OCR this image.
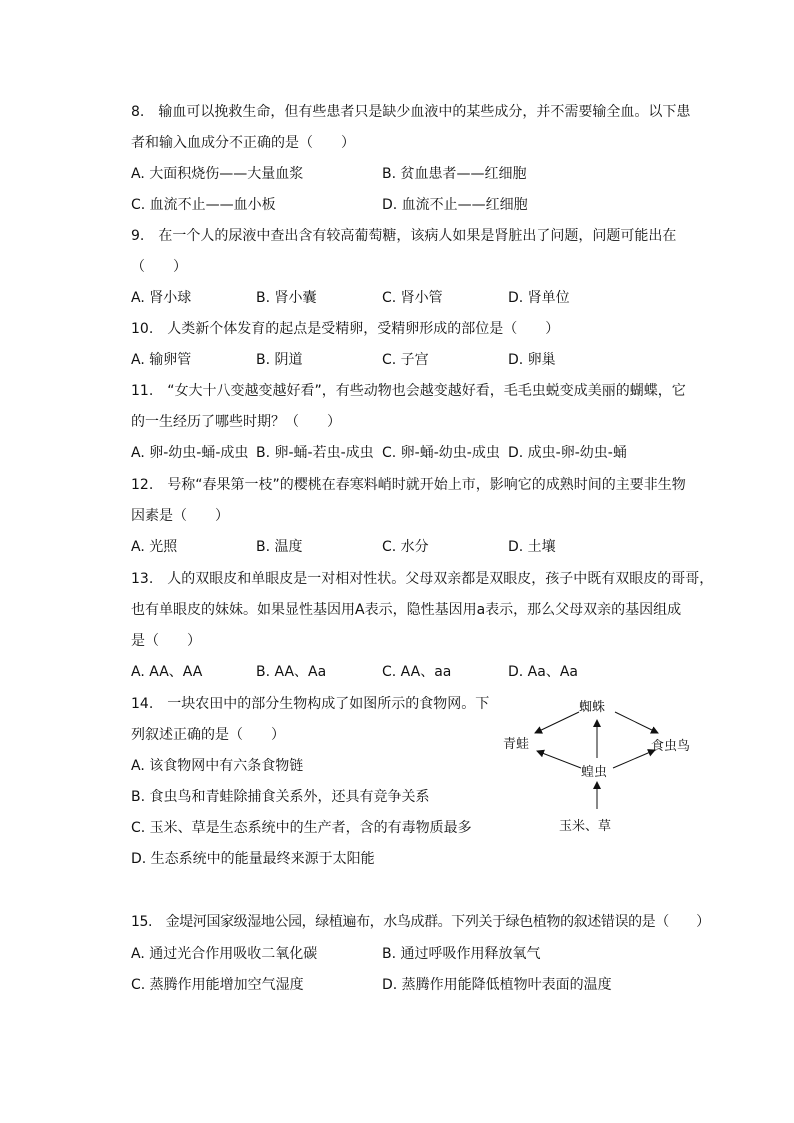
8.　输血可以挽救生命，但有些患者只是缺少血液中的某些成分，并不需要输全血。以下患
者和输入血成分不正确的是（　　）
A. 大面积烧伤——大量血浆	B. 贫血患者——红细胞
C. 血流不止——血小板	D. 血流不止——红细胞
9.　在一个人的尿液中查出含有较高葡萄糖，该病人如果是肾脏出了问题，问题可能出在
（　　）
A. 肾小球	B. 肾小囊	C. 肾小管	D. 肾单位
10.　人类新个体发育的起点是受精卵，受精卵形成的部位是（　　）
A. 输卵管	B. 阴道	C. 子宫	D. 卵巢
11.　“女大十八变越变越好看”，有些动物也会越变越好看，毛毛虫蜕变成美丽的蝴蝶，它
的一生经历了哪些时期？（　　）
A. 卵-幼虫-蛹-成虫 B. 卵-蛹-若虫-成虫 C. 卵-蛹-幼虫-成虫 D. 成虫-卵-幼虫-蛹
12.　号称“春果第一枝”的樱桃在春寒料峭时就开始上市，影响它的成熟时间的主要非生物
因素是（　　）
A. 光照	B. 温度	C. 水分	D. 土壤
13.　人的双眼皮和单眼皮是一对相对性状。父母双亲都是双眼皮，孩子中既有双眼皮的哥哥，
也有单眼皮的妹妹。如果显性基因用A表示，隐性基因用a表示，那么父母双亲的基因组成
是（　　）
A. AA、AA	B. AA、Aa	C. AA、aa	D. Aa、Aa
14.　一块农田中的部分生物构成了如图所示的食物网。下
列叙述正确的是（　　）
A. 该食物网中有六条食物链
B. 食虫鸟和青蛙除捕食关系外，还具有竞争关系
C. 玉米、草是生态系统中的生产者，含的有毒物质最多
D. 生态系统中的能量最终来源于太阳能
蜘蛛
青蛙	食虫鸟
蝗虫
玉米、草
15.　金堤河国家级湿地公园，绿植遍布，水鸟成群。下列关于绿色植物的叙述错误的是（　　）
A. 通过光合作用吸收二氧化碳	B. 通过呼吸作用释放氧气
C. 蒸腾作用能增加空气湿度	D. 蒸腾作用能降低植物叶表面的温度
